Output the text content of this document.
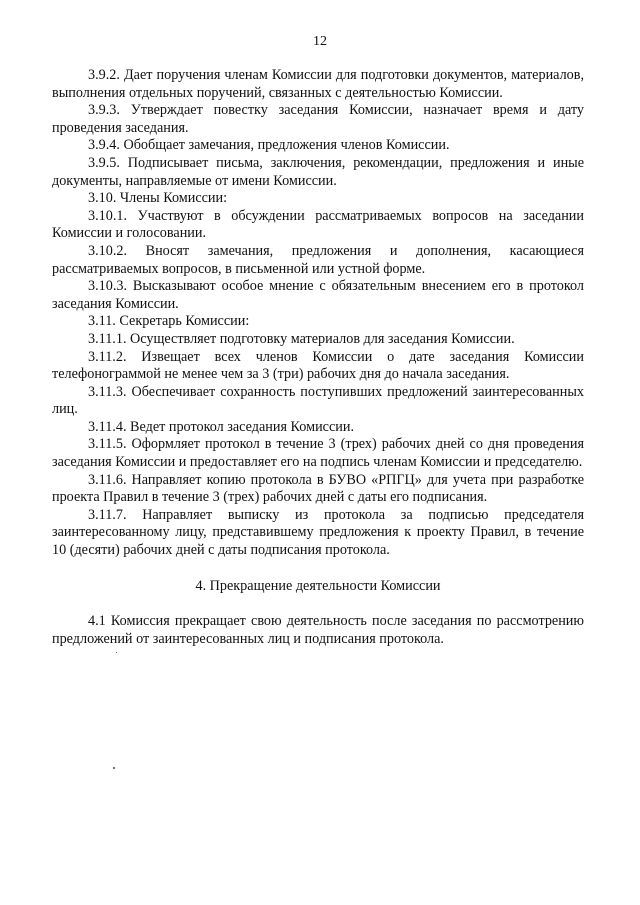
12

3.9.2. Дает поручения членам Комиссии для подготовки документов, материалов, выполнения отдельных поручений, связанных с деятельностью Комиссии.

3.9.3. Утверждает повестку заседания Комиссии, назначает время и дату проведения заседания.

3.9.4. Обобщает замечания, предложения членов Комиссии.

3.9.5. Подписывает письма, заключения, рекомендации, предложения и иные документы, направляемые от имени Комиссии.

3.10. Члены Комиссии:

3.10.1. Участвуют в обсуждении рассматриваемых вопросов на заседании Комиссии и голосовании.

3.10.2. Вносят замечания, предложения и дополнения, касающиеся рассматриваемых вопросов, в письменной или устной форме.

3.10.3. Высказывают особое мнение с обязательным внесением его в протокол заседания Комиссии.

3.11. Секретарь Комиссии:

3.11.1. Осуществляет подготовку материалов для заседания Комиссии.

3.11.2. Извещает всех членов Комиссии о дате заседания Комиссии телефонограммой не менее чем за 3 (три) рабочих дня до начала заседания.

3.11.3. Обеспечивает сохранность поступивших предложений заинтересованных лиц.

3.11.4. Ведет протокол заседания Комиссии.

3.11.5. Оформляет протокол в течение 3 (трех) рабочих дней со дня проведения заседания Комиссии и предоставляет его на подпись членам Комиссии и председателю.

3.11.6. Направляет копию протокола в БУВО «РПГЦ» для учета при разработке проекта Правил в течение 3 (трех) рабочих дней с даты его подписания.

3.11.7. Направляет выписку из протокола за подписью председателя заинтересованному лицу, представившему предложения к проекту Правил, в течение 10 (десяти) рабочих дней с даты подписания протокола.

4. Прекращение деятельности Комиссии

4.1 Комиссия прекращает свою деятельность после заседания по рассмотрению предложений от заинтересованных лиц и подписания протокола.
